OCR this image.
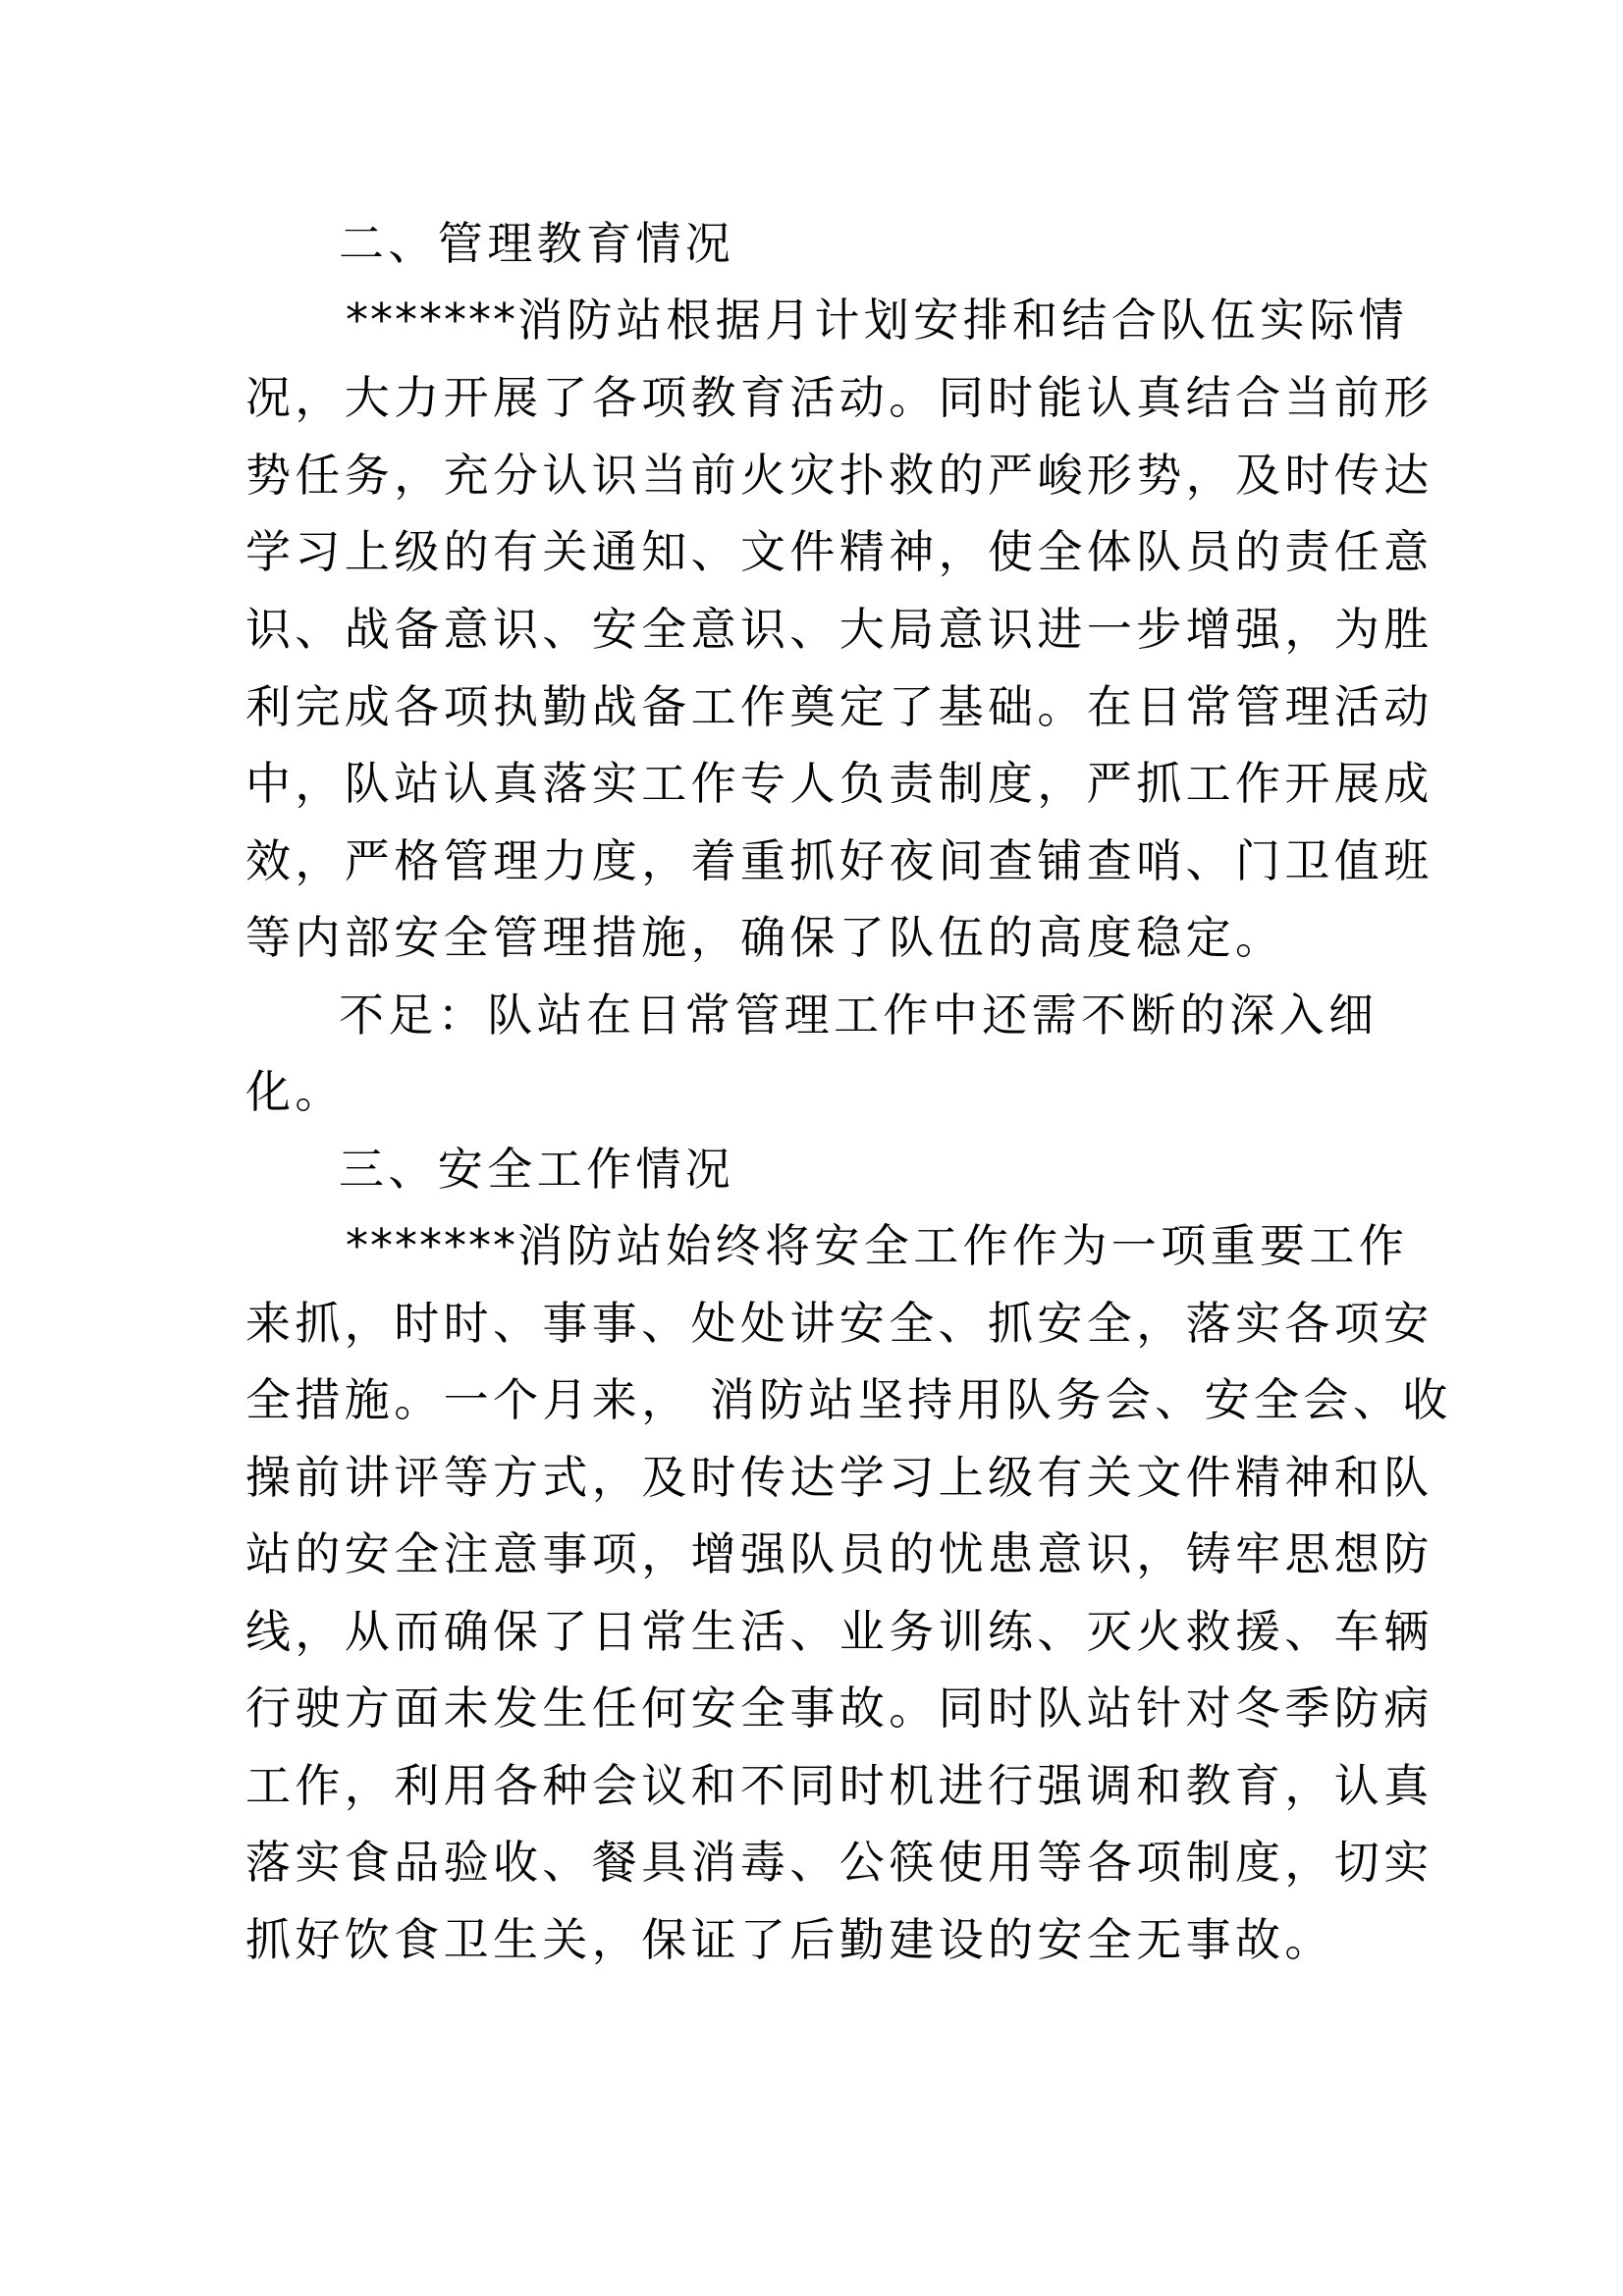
二、管理教育情况
*******消防站根据月计划安排和结合队伍实际情
况，大力开展了各项教育活动。同时能认真结合当前形
势任务，充分认识当前火灾扑救的严峻形势，及时传达
学习上级的有关通知、文件精神，使全体队员的责任意
识、战备意识、安全意识、大局意识进一步增强，为胜
利完成各项执勤战备工作奠定了基础。在日常管理活动
中，队站认真落实工作专人负责制度，严抓工作开展成
效，严格管理力度，着重抓好夜间查铺查哨、门卫值班
等内部安全管理措施，确保了队伍的高度稳定。
不足：队站在日常管理工作中还需不断的深入细
化。
三、安全工作情况
*******消防站始终将安全工作作为一项重要工作
来抓，时时、事事、处处讲安全、抓安全，落实各项安
全措施。一个月来， 消防站坚持用队务会、安全会、收
操前讲评等方式，及时传达学习上级有关文件精神和队
站的安全注意事项，增强队员的忧患意识，铸牢思想防
线，从而确保了日常生活、业务训练、灭火救援、车辆
行驶方面未发生任何安全事故。同时队站针对冬季防病
工作，利用各种会议和不同时机进行强调和教育，认真
落实食品验收、餐具消毒、公筷使用等各项制度，切实
抓好饮食卫生关，保证了后勤建设的安全无事故。
